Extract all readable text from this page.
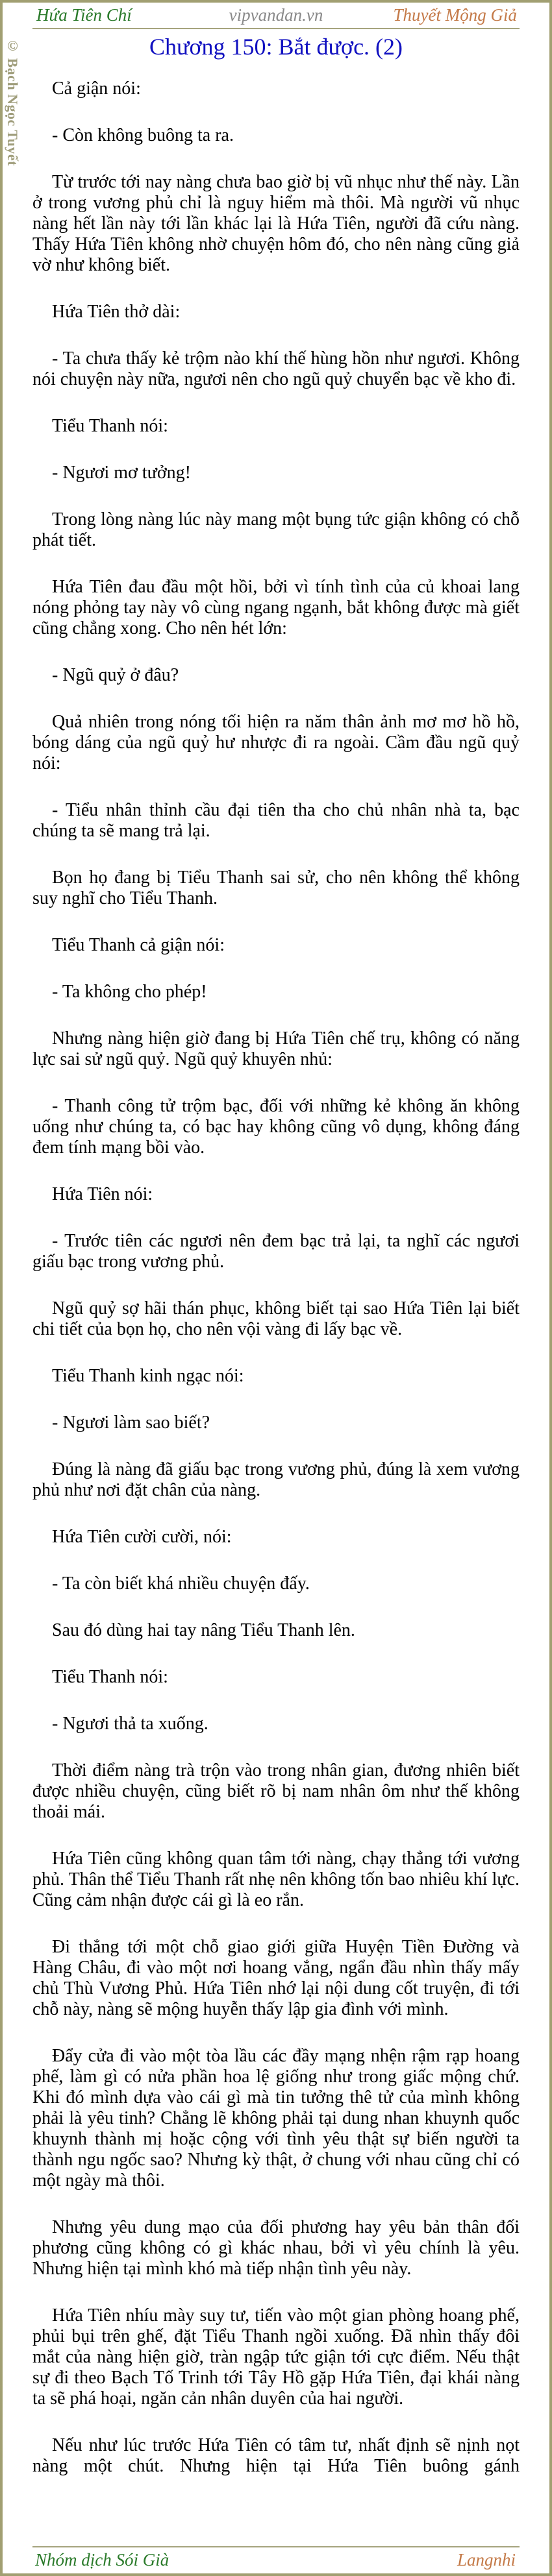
© Bạch Ngọc Tuyết
Hứa Tiên Chí	vipvandan.vn	Thuyết Mộng Giả
Chương 150: Bắt được. (2)

Cả giận nói:

- Còn không buông ta ra.

Từ trước tới nay nàng chưa bao giờ bị vũ nhục như thế này. Lần ở trong vương phủ chỉ là nguy hiểm mà thôi. Mà người vũ nhục nàng hết lần này tới lần khác lại là Hứa Tiên, người đã cứu nàng. Thấy Hứa Tiên không nhờ chuyện hôm đó, cho nên nàng cũng giả vờ như không biết.

Hứa Tiên thở dài:

- Ta chưa thấy kẻ trộm nào khí thế hùng hồn như ngươi. Không nói chuyện này nữa, ngươi nên cho ngũ quỷ chuyển bạc về kho đi.

Tiểu Thanh nói:

- Ngươi mơ tưởng!

Trong lòng nàng lúc này mang một bụng tức giận không có chỗ phát tiết.

Hứa Tiên đau đầu một hồi, bởi vì tính tình của củ khoai lang nóng phỏng tay này vô cùng ngang ngạnh, bắt không được mà giết cũng chẳng xong. Cho nên hét lớn:

- Ngũ quỷ ở đâu?

Quả nhiên trong nóng tối hiện ra năm thân ảnh mơ mơ hồ hồ, bóng dáng của ngũ quỷ hư nhược đi ra ngoài. Cầm đầu ngũ quỷ nói:

- Tiểu nhân thỉnh cầu đại tiên tha cho chủ nhân nhà ta, bạc chúng ta sẽ mang trả lại.

Bọn họ đang bị Tiểu Thanh sai sử, cho nên không thể không suy nghĩ cho Tiểu Thanh.

Tiểu Thanh cả giận nói:

- Ta không cho phép!

Nhưng nàng hiện giờ đang bị Hứa Tiên chế trụ, không có năng lực sai sử ngũ quỷ. Ngũ quỷ khuyên nhủ:

- Thanh công tử trộm bạc, đối với những kẻ không ăn không uống như chúng ta, có bạc hay không cũng vô dụng, không đáng đem tính mạng bồi vào.

Hứa Tiên nói:

- Trước tiên các ngươi nên đem bạc trả lại, ta nghĩ các ngươi giấu bạc trong vương phủ.

Ngũ quỷ sợ hãi thán phục, không biết tại sao Hứa Tiên lại biết chi tiết của bọn họ, cho nên vội vàng đi lấy bạc về.

Tiểu Thanh kinh ngạc nói:

- Ngươi làm sao biết?

Đúng là nàng đã giấu bạc trong vương phủ, đúng là xem vương phủ như nơi đặt chân của nàng.

Hứa Tiên cười cười, nói:

- Ta còn biết khá nhiều chuyện đấy.

Sau đó dùng hai tay nâng Tiểu Thanh lên.

Tiểu Thanh nói:

- Ngươi thả ta xuống.

Thời điểm nàng trà trộn vào trong nhân gian, đương nhiên biết được nhiều chuyện, cũng biết rõ bị nam nhân ôm như thế không thoải mái.

Hứa Tiên cũng không quan tâm tới nàng, chạy thẳng tới vương phủ. Thân thể Tiểu Thanh rất nhẹ nên không tốn bao nhiêu khí lực. Cũng cảm nhận được cái gì là eo rắn.

Đi thẳng tới một chỗ giao giới giữa Huyện Tiền Đường và Hàng Châu, đi vào một nơi hoang vắng, ngẩn đầu nhìn thấy mấy chủ Thù Vương Phủ. Hứa Tiên nhớ lại nội dung cốt truyện, đi tới chỗ này, nàng sẽ mộng huyễn thấy lập gia đình với mình.

Đẩy cửa đi vào một tòa lầu các đầy mạng nhện rậm rạp hoang phế, làm gì có nửa phần hoa lệ giống như trong giấc mộng chứ. Khi đó mình dựa vào cái gì mà tin tưởng thê tử của mình không phải là yêu tinh? Chẳng lẽ không phải tại dung nhan khuynh quốc khuynh thành mị hoặc cộng với tình yêu thật sự biến người ta thành ngu ngốc sao? Nhưng kỳ thật, ở chung với nhau cũng chỉ có một ngày mà thôi.

Nhưng yêu dung mạo của đối phương hay yêu bản thân đối phương cũng không có gì khác nhau, bởi vì yêu chính là yêu. Nhưng hiện tại mình khó mà tiếp nhận tình yêu này.

Hứa Tiên nhíu mày suy tư, tiến vào một gian phòng hoang phế, phủi bụi trên ghế, đặt Tiểu Thanh ngồi xuống. Đã nhìn thấy đôi mắt của nàng hiện giờ, tràn ngập tức giận tới cực điểm. Nếu thật sự đi theo Bạch Tố Trinh tới Tây Hồ gặp Hứa Tiên, đại khái nàng ta sẽ phá hoại, ngăn cản nhân duyên của hai người.

Nếu như lúc trước Hứa Tiên có tâm tư, nhất định sẽ nịnh nọt nàng một chút. Nhưng hiện tại Hứa Tiên buông gánh

Nhóm dịch Sói Già	Langnhi
